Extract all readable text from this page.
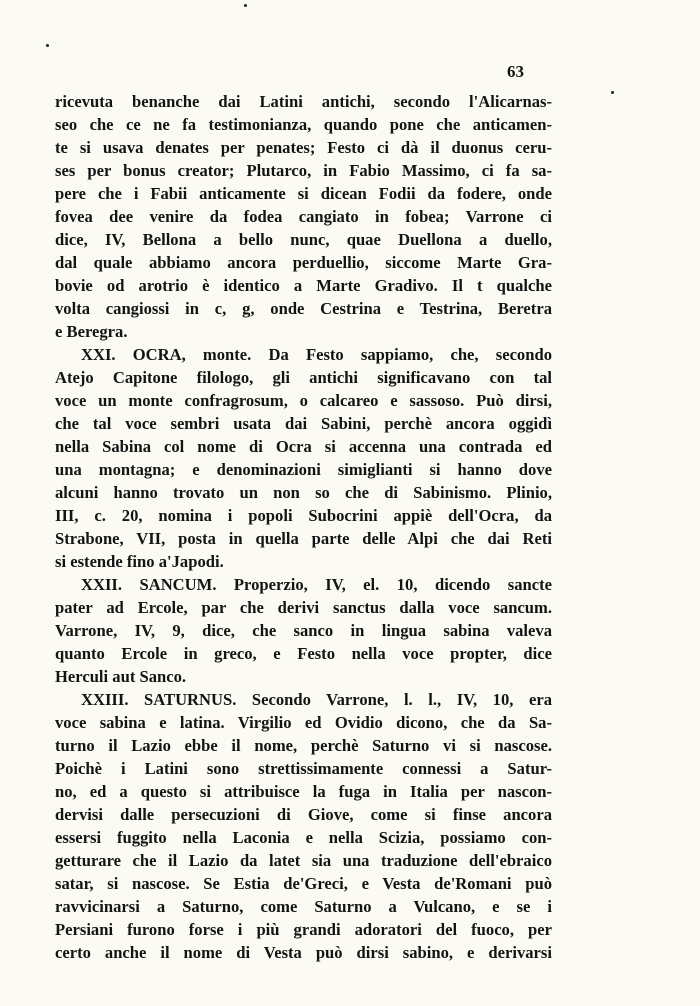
63
ricevuta benanche dai Latini antichi, secondo l'Alicarnas-
seo che ce ne fa testimonianza, quando pone che anticamen-
te si usava denates per penates; Festo ci dà il duonus ceru-
ses per bonus creator; Plutarco, in Fabio Massimo, ci fa sa-
pere che i Fabii anticamente si dicean Fodii da fodere, onde
fovea dee venire da fodea cangiato in fobea; Varrone ci
dice, IV, Bellona a bello nunc, quae Duellona a duello,
dal quale abbiamo ancora perduellio, siccome Marte Gra-
bovie od arotrio è identico a Marte Gradivo. Il t qualche
volta cangiossi in c, g, onde Cestrina e Testrina, Beretra
e Beregra.
XXI. OCRA, monte. Da Festo sappiamo, che, secondo
Atejo Capitone filologo, gli antichi significavano con tal
voce un monte confragrosum, o calcareo e sassoso. Può dirsi,
che tal voce sembri usata dai Sabini, perchè ancora oggidì
nella Sabina col nome di Ocra si accenna una contrada ed
una montagna; e denominazioni simiglianti si hanno dove
alcuni hanno trovato un non so che di Sabinismo. Plinio,
III, c. 20, nomina i popoli Subocrini appiè dell'Ocra, da
Strabone, VII, posta in quella parte delle Alpi che dai Reti
si estende fino a'Japodi.
XXII. SANCUM. Properzio, IV, el. 10, dicendo sancte
pater ad Ercole, par che derivi sanctus dalla voce sancum.
Varrone, IV, 9, dice, che sanco in lingua sabina valeva
quanto Ercole in greco, e Festo nella voce propter, dice
Herculi aut Sanco.
XXIII. SATURNUS. Secondo Varrone, l. l., IV, 10, era
voce sabina e latina. Virgilio ed Ovidio dicono, che da Sa-
turno il Lazio ebbe il nome, perchè Saturno vi si nascose.
Poichè i Latini sono strettissimamente connessi a Satur-
no, ed a questo si attribuisce la fuga in Italia per nascon-
dervisi dalle persecuzioni di Giove, come si finse ancora
essersi fuggito nella Laconia e nella Scizia, possiamo con-
getturare che il Lazio da latet sia una traduzione dell'ebraico
satar, si nascose. Se Estia de'Greci, e Vesta de'Romani può
ravvicinarsi a Saturno, come Saturno a Vulcano, e se i
Persiani furono forse i più grandi adoratori del fuoco, per
certo anche il nome di Vesta può dirsi sabino, e derivarsi
